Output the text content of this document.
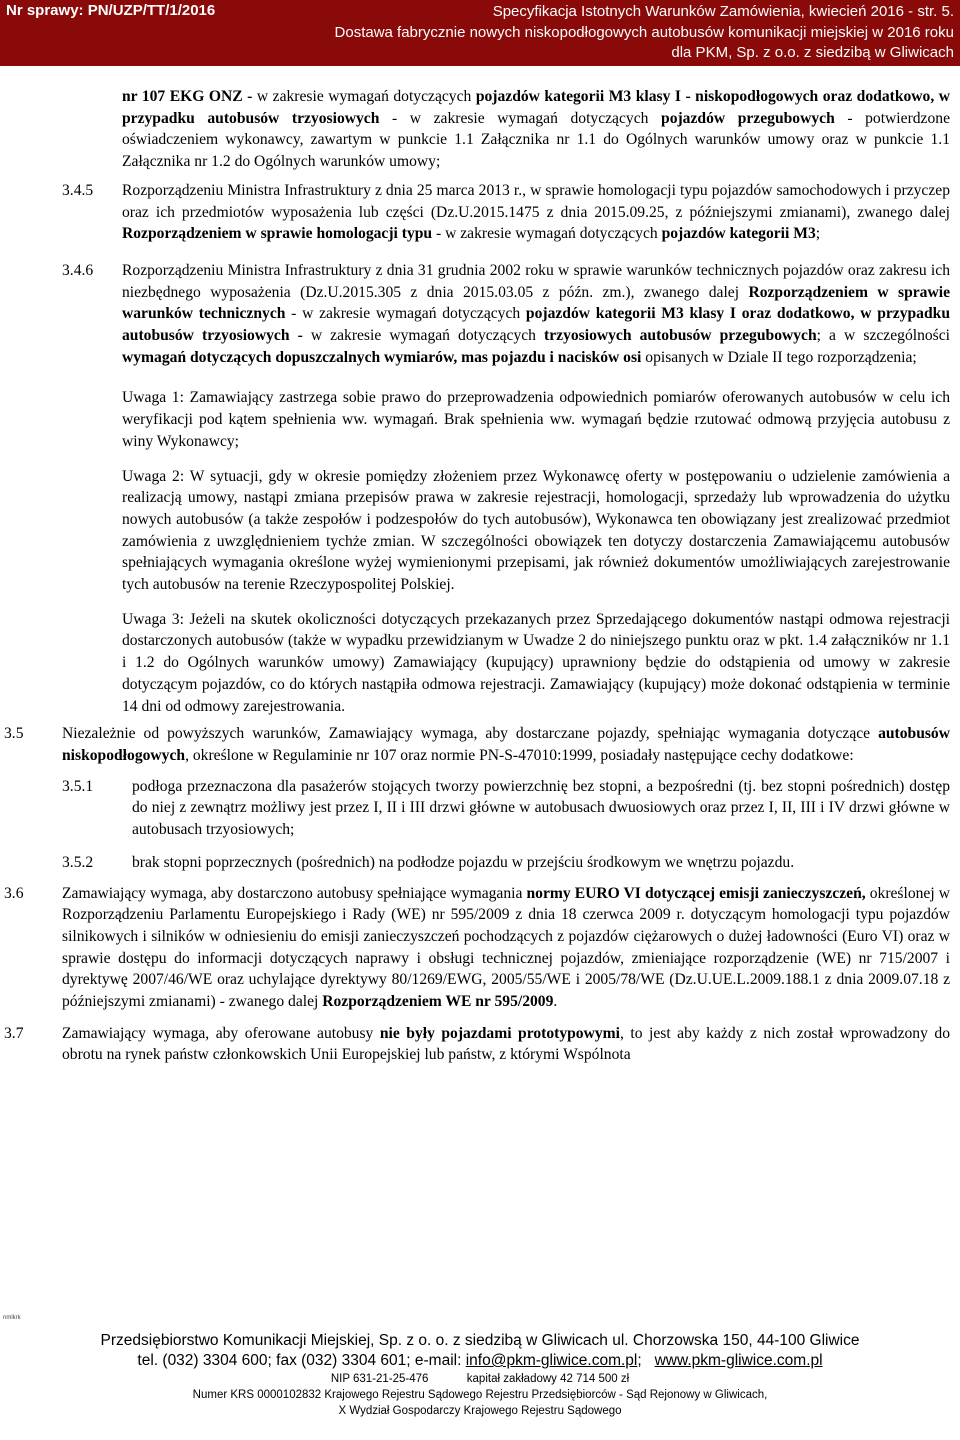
Nr sprawy: PN/UZP/TT/1/2016	Specyfikacja Istotnych Warunków Zamówienia, kwiecień 2016 - str. 5.
Dostawa fabrycznie nowych niskopodłogowych autobusów komunikacji miejskiej w 2016 roku
dla PKM, Sp. z o.o. z siedzibą w Gliwicach

nr 107 EKG ONZ - w zakresie wymagań dotyczących pojazdów kategorii M3 klasy I - niskopodłogowych oraz dodatkowo, w przypadku autobusów trzyosiowych - w zakresie wymagań dotyczących pojazdów przegubowych - potwierdzone oświadczeniem wykonawcy, zawartym w punkcie 1.1 Załącznika nr 1.1 do Ogólnych warunków umowy oraz w punkcie 1.1 Załącznika nr 1.2 do Ogólnych warunków umowy;

3.4.5 Rozporządzeniu Ministra Infrastruktury z dnia 25 marca 2013 r., w sprawie homologacji typu pojazdów samochodowych i przyczep oraz ich przedmiotów wyposażenia lub części (Dz.U.2015.1475 z dnia 2015.09.25, z późniejszymi zmianami), zwanego dalej Rozporządzeniem w sprawie homologacji typu - w zakresie wymagań dotyczących pojazdów kategorii M3;

3.4.6 Rozporządzeniu Ministra Infrastruktury z dnia 31 grudnia 2002 roku w sprawie warunków technicznych pojazdów oraz zakresu ich niezbędnego wyposażenia (Dz.U.2015.305 z dnia 2015.03.05 z późn. zm.), zwanego dalej Rozporządzeniem w sprawie warunków technicznych - w zakresie wymagań dotyczących pojazdów kategorii M3 klasy I oraz dodatkowo, w przypadku autobusów trzyosiowych - w zakresie wymagań dotyczących trzyosiowych autobusów przegubowych; a w szczególności wymagań dotyczących dopuszczalnych wymiarów, mas pojazdu i nacisków osi opisanych w Dziale II tego rozporządzenia;

Uwaga 1: Zamawiający zastrzega sobie prawo do przeprowadzenia odpowiednich pomiarów oferowanych autobusów w celu ich weryfikacji pod kątem spełnienia ww. wymagań. Brak spełnienia ww. wymagań będzie rzutować odmową przyjęcia autobusu z winy Wykonawcy;

Uwaga 2: W sytuacji, gdy w okresie pomiędzy złożeniem przez Wykonawcę oferty w postępowaniu o udzielenie zamówienia a realizacją umowy, nastąpi zmiana przepisów prawa w zakresie rejestracji, homologacji, sprzedaży lub wprowadzenia do użytku nowych autobusów (a także zespołów i podzespołów do tych autobusów), Wykonawca ten obowiązany jest zrealizować przedmiot zamówienia z uwzględnieniem tychże zmian. W szczególności obowiązek ten dotyczy dostarczenia Zamawiającemu autobusów spełniających wymagania określone wyżej wymienionymi przepisami, jak również dokumentów umożliwiających zarejestrowanie tych autobusów na terenie Rzeczypospolitej Polskiej.

Uwaga 3: Jeżeli na skutek okoliczności dotyczących przekazanych przez Sprzedającego dokumentów nastąpi odmowa rejestracji dostarczonych autobusów (także w wypadku przewidzianym w Uwadze 2 do niniejszego punktu oraz w pkt. 1.4 załączników nr 1.1 i 1.2 do Ogólnych warunków umowy) Zamawiający (kupujący) uprawniony będzie do odstąpienia od umowy w zakresie dotyczącym pojazdów, co do których nastąpiła odmowa rejestracji. Zamawiający (kupujący) może dokonać odstąpienia w terminie 14 dni od odmowy zarejestrowania.

3.5 Niezależnie od powyższych warunków, Zamawiający wymaga, aby dostarczane pojazdy, spełniając wymagania dotyczące autobusów niskopodłogowych, określone w Regulaminie nr 107 oraz normie PN-S-47010:1999, posiadały następujące cechy dodatkowe:

3.5.1 podłoga przeznaczona dla pasażerów stojących tworzy powierzchnię bez stopni, a bezpośredni (tj. bez stopni pośrednich) dostęp do niej z zewnątrz możliwy jest przez I, II i III drzwi główne w autobusach dwuosiowych oraz przez I, II, III i IV drzwi główne w autobusach trzyosiowych;

3.5.2 brak stopni poprzecznych (pośrednich) na podłodze pojazdu w przejściu środkowym we wnętrzu pojazdu.

3.6 Zamawiający wymaga, aby dostarczono autobusy spełniające wymagania normy EURO VI dotyczącej emisji zanieczyszczeń, określonej w Rozporządzeniu Parlamentu Europejskiego i Rady (WE) nr 595/2009 z dnia 18 czerwca 2009 r. dotyczącym homologacji typu pojazdów silnikowych i silników w odniesieniu do emisji zanieczyszczeń pochodzących z pojazdów ciężarowych o dużej ładowności (Euro VI) oraz w sprawie dostępu do informacji dotyczących naprawy i obsługi technicznej pojazdów, zmieniające rozporządzenie (WE) nr 715/2007 i dyrektywę 2007/46/WE oraz uchylające dyrektywy 80/1269/EWG, 2005/55/WE i 2005/78/WE (Dz.U.UE.L.2009.188.1 z dnia 2009.07.18 z późniejszymi zmianami) - zwanego dalej Rozporządzeniem WE nr 595/2009.

3.7 Zamawiający wymaga, aby oferowane autobusy nie były pojazdami prototypowymi, to jest aby każdy z nich został wprowadzony do obrotu na rynek państw członkowskich Unii Europejskiej lub państw, z którymi Wspólnota

nmlkrk
Przedsiębiorstwo Komunikacji Miejskiej, Sp. z o. o. z siedzibą w Gliwicach ul. Chorzowska 150, 44-100 Gliwice
tel. (032) 3304 600; fax (032) 3304 601; e-mail: info@pkm-gliwice.com.pl; www.pkm-gliwice.com.pl
NIP 631-21-25-476	kapitał zakładowy 42 714 500 zł
Numer KRS 0000102832 Krajowego Rejestru Sądowego Rejestru Przedsiębiorców - Sąd Rejonowy w Gliwicach,
X Wydział Gospodarczy Krajowego Rejestru Sądowego
